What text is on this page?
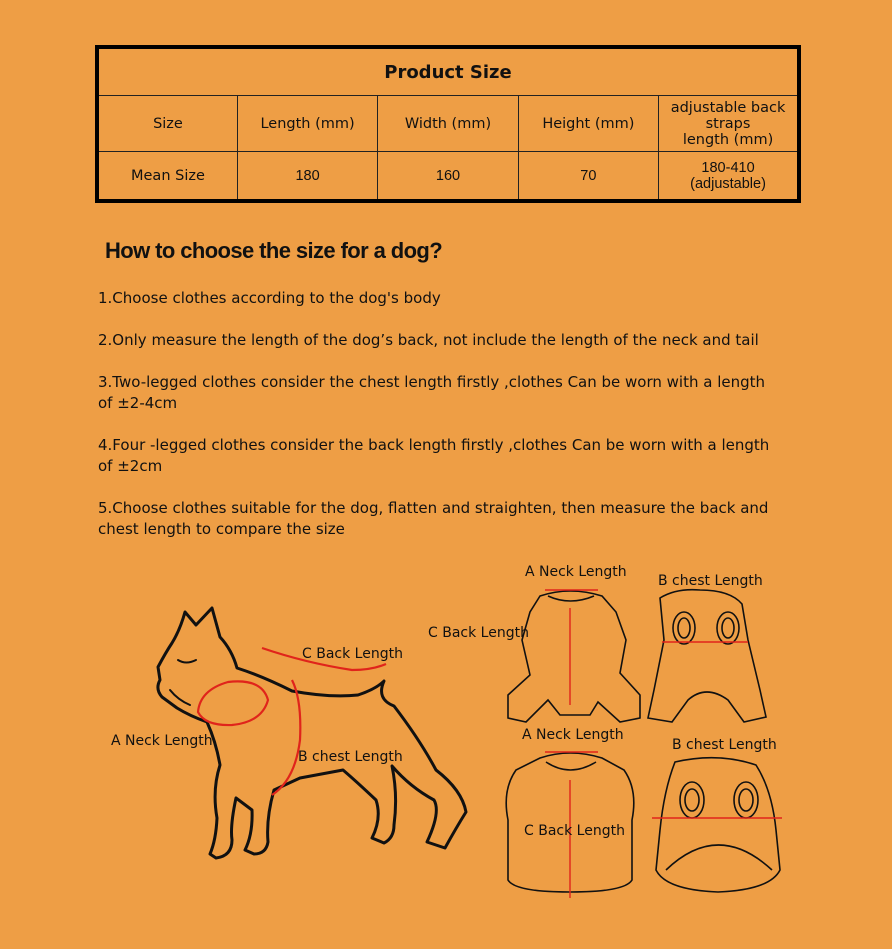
Product Size				
Size	Length (mm)	Width (mm)	Height (mm)	adjustable back straps
length (mm)
Mean Size	180	160	70	180-410 (adjustable)
How to choose the size for a dog?
1.Choose clothes according to the dog's body
2.Only measure the length of the dog’s back, not include the length of the neck and tail
3.Two-legged clothes consider the chest length firstly ,clothes Can be worn with a length
of ±2-4cm
4.Four -legged clothes consider the back length firstly ,clothes Can be worn with a length
of ±2cm
5.Choose clothes suitable for the dog, flatten and straighten, then measure the back and
chest length to compare the size
C Back Length
A Neck Length
B chest Length
A Neck Length
C Back Length
B chest Length
A Neck Length
C Back Length
B chest Length
